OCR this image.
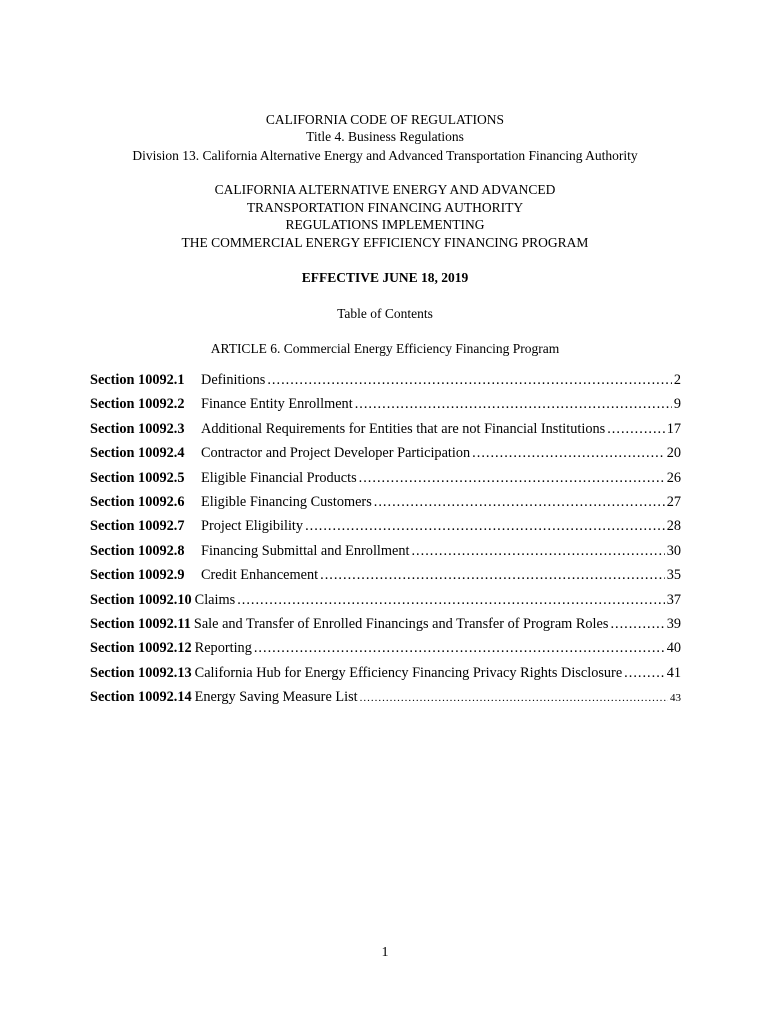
CALIFORNIA CODE OF REGULATIONS
Title 4. Business Regulations
Division 13. California Alternative Energy and Advanced Transportation Financing Authority
CALIFORNIA ALTERNATIVE ENERGY AND ADVANCED
TRANSPORTATION FINANCING AUTHORITY
REGULATIONS IMPLEMENTING
THE COMMERCIAL ENERGY EFFICIENCY FINANCING PROGRAM
EFFECTIVE JUNE 18, 2019
Table of Contents
ARTICLE 6. Commercial Energy Efficiency Financing Program
Section 10092.1	Definitions .....	2
Section 10092.2	Finance Entity Enrollment .....	9
Section 10092.3	Additional Requirements for Entities that are not Financial Institutions .....	17
Section 10092.4	Contractor and Project Developer Participation .....	20
Section 10092.5	Eligible Financial Products .....	26
Section 10092.6	Eligible Financing Customers .....	27
Section 10092.7	Project Eligibility .....	28
Section 10092.8	Financing Submittal and Enrollment .....	30
Section 10092.9	Credit Enhancement .....	35
Section 10092.10 Claims .....	37
Section 10092.11 Sale and Transfer of Enrolled Financings and Transfer of Program Roles .....	39
Section 10092.12 Reporting .....	40
Section 10092.13 California Hub for Energy Efficiency Financing Privacy Rights Disclosure .....	41
Section 10092.14 Energy Saving Measure List .....	43
1
